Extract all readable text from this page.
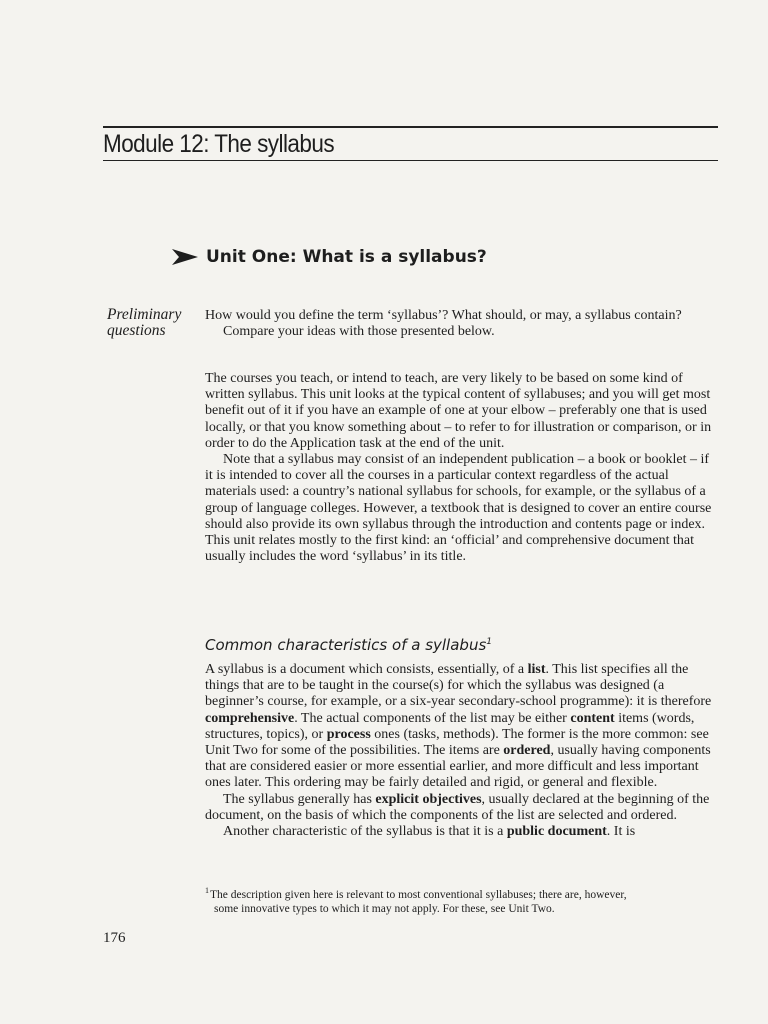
Module 12: The syllabus
Unit One: What is a syllabus?
Preliminary
questions

How would you define the term ‘syllabus’? What should, or may, a syllabus contain?

Compare your ideas with those presented below.

The courses you teach, or intend to teach, are very likely to be based on some kind of written syllabus. This unit looks at the typical content of syllabuses; and you will get most benefit out of it if you have an example of one at your elbow – preferably one that is used locally, or that you know something about – to refer to for illustration or comparison, or in order to do the Application task at the end of the unit.

Note that a syllabus may consist of an independent publication – a book or booklet – if it is intended to cover all the courses in a particular context regardless of the actual materials used: a country’s national syllabus for schools, for example, or the syllabus of a group of language colleges. However, a textbook that is designed to cover an entire course should also provide its own syllabus through the introduction and contents page or index. This unit relates mostly to the first kind: an ‘official’ and comprehensive document that usually includes the word ‘syllabus’ in its title.

Common characteristics of a syllabus$^1$

A syllabus is a document which consists, essentially, of a list. This list specifies all the things that are to be taught in the course(s) for which the syllabus was designed (a beginner’s course, for example, or a six-year secondary-school programme): it is therefore comprehensive. The actual components of the list may be either content items (words, structures, topics), or process ones (tasks, methods). The former is the more common: see Unit Two for some of the possibilities. The items are ordered, usually having components that are considered easier or more essential earlier, and more difficult and less important ones later. This ordering may be fairly detailed and rigid, or general and flexible.

The syllabus generally has explicit objectives, usually declared at the beginning of the document, on the basis of which the components of the list are selected and ordered.

Another characteristic of the syllabus is that it is a public document. It is

$^1$The description given here is relevant to most conventional syllabuses; there are, however,
some innovative types to which it may not apply. For these, see Unit Two.

176
